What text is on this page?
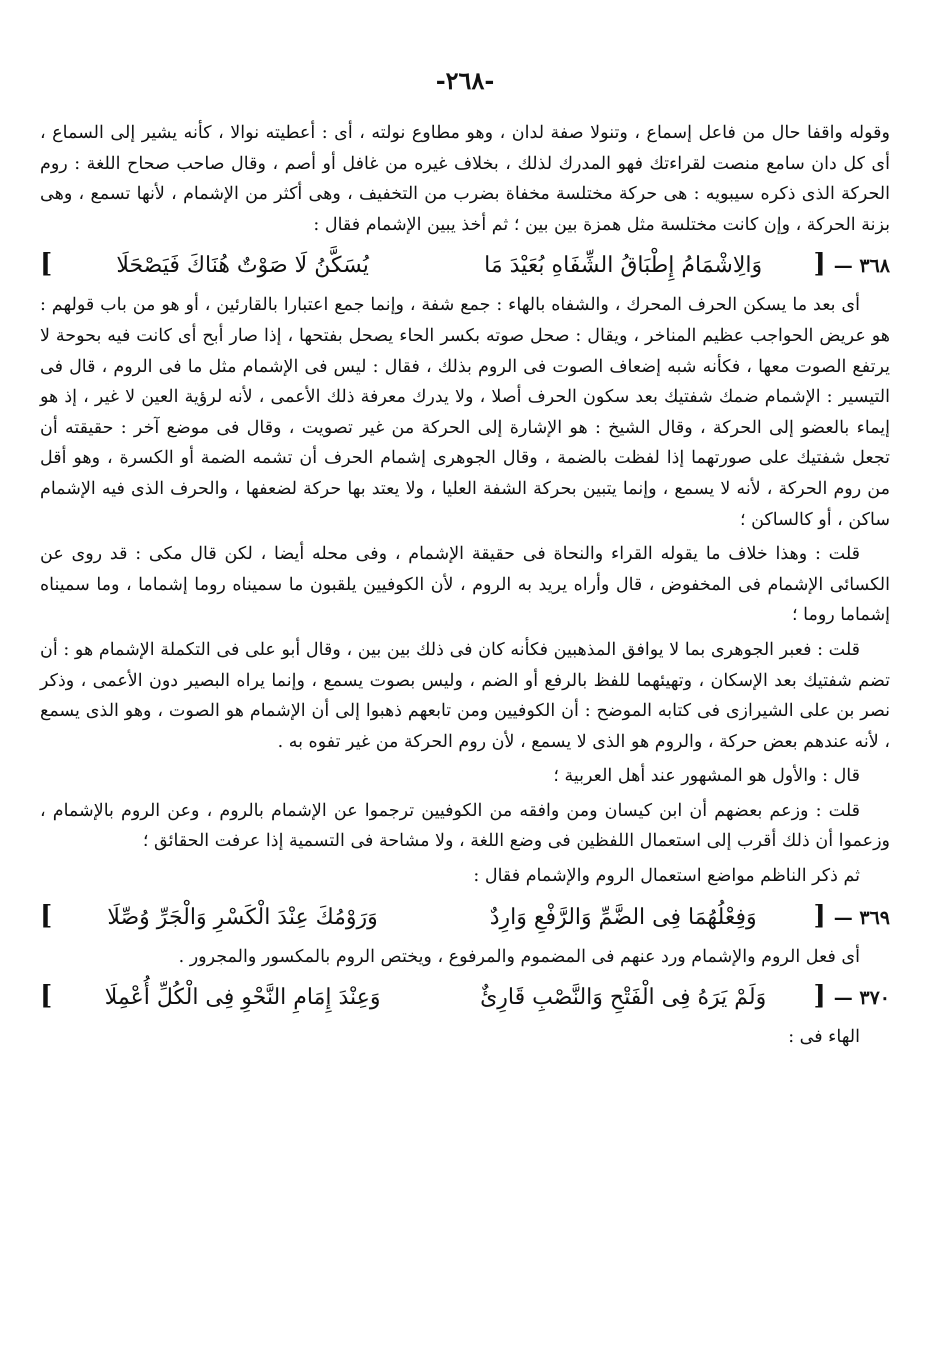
-٢٦٨-

وقوله واقفا حال من فاعل إسماع ، وتنولا صفة لدان ، وهو مطاوع نولته ، أى : أعطيته نوالا ، كأنه يشير إلى السماع ، أى كل دان سامع منصت لقراءتك فهو المدرك لذلك ، بخلاف غيره من غافل أو أصم ، وقال صاحب صحاح اللغة : روم الحركة الذى ذكره سيبويه : هى حركة مختلسة مخفاة بضرب من التخفيف ، وهى أكثر من الإشمام ، لأنها تسمع ، وهى بزنة الحركة ، وإن كانت مختلسة مثل همزة بين بين ؛ ثم أخذ يبين الإشمام فقال :

٣٦٨ —
[
وَالِاشْمَامُ إِطْبَاقُ الشِّفَاهِ بُعَيْدَ مَا
يُسَكَّنُ لَا صَوْتٌ هُنَاكَ فَيَصْحَلَا
]

أى بعد ما يسكن الحرف المحرك ، والشفاه بالهاء : جمع شفة ، وإنما جمع اعتبارا بالقارئين ، أو هو من باب قولهم : هو عريض الحواجب عظيم المناخر ، ويقال : صحل صوته بكسر الحاء يصحل بفتحها ، إذا صار أبح أى كانت فيه بحوحة لا يرتفع الصوت معها ، فكأنه شبه إضعاف الصوت فى الروم بذلك ، فقال : ليس فى الإشمام مثل ما فى الروم ، قال فى التيسير : الإشمام ضمك شفتيك بعد سكون الحرف أصلا ، ولا يدرك معرفة ذلك الأعمى ، لأنه لرؤية العين لا غير ، إذ هو إيماء بالعضو إلى الحركة ، وقال الشيخ : هو الإشارة إلى الحركة من غير تصويت ، وقال فى موضع آخر : حقيقته أن تجعل شفتيك على صورتهما إذا لفظت بالضمة ، وقال الجوهرى إشمام الحرف أن تشمه الضمة أو الكسرة ، وهو أقل من روم الحركة ، لأنه لا يسمع ، وإنما يتبين بحركة الشفة العليا ، ولا يعتد بها حركة لضعفها ، والحرف الذى فيه الإشمام ساكن ، أو كالساكن ؛

قلت : وهذا خلاف ما يقوله القراء والنحاة فى حقيقة الإشمام ، وفى محله أيضا ، لكن قال مكى : قد روى عن الكسائى الإشمام فى المخفوض ، قال وأراه يريد به الروم ، لأن الكوفيين يلقبون ما سميناه روما إشماما ، وما سميناه إشماما روما ؛

قلت : فعبر الجوهرى بما لا يوافق المذهبين فكأنه كان فى ذلك بين بين ، وقال أبو على فى التكملة الإشمام هو : أن تضم شفتيك بعد الإسكان ، وتهيئهما للفظ بالرفع أو الضم ، وليس بصوت يسمع ، وإنما يراه البصير دون الأعمى ، وذكر نصر بن على الشيرازى فى كتابه الموضح : أن الكوفيين ومن تابعهم ذهبوا إلى أن الإشمام هو الصوت ، وهو الذى يسمع ، لأنه عندهم بعض حركة ، والروم هو الذى لا يسمع ، لأن روم الحركة من غير تفوه به .

قال : والأول هو المشهور عند أهل العربية ؛

قلت : وزعم بعضهم أن ابن كيسان ومن وافقه من الكوفيين ترجموا عن الإشمام بالروم ، وعن الروم بالإشمام ، وزعموا أن ذلك أقرب إلى استعمال اللفظين فى وضع اللغة ، ولا مشاحة فى التسمية إذا عرفت الحقائق ؛

ثم ذكر الناظم مواضع استعمال الروم والإشمام فقال :

٣٦٩ —
[
وَفِعْلُهُمَا فِى الضَّمِّ وَالرَّفْعِ وَارِدٌ
وَرَوْمُكَ عِنْدَ الْكَسْرِ وَالْجَرِّ وُصِّلَا
]

أى فعل الروم والإشمام ورد عنهم فى المضموم والمرفوع ، ويختص الروم بالمكسور والمجرور .

٣٧٠ —
[
وَلَمْ يَرَهُ فِى الْفَتْحِ وَالنَّصْبِ قَارِئٌ
وَعِنْدَ إِمَامِ النَّحْوِ فِى الْكُلِّ أُعْمِلَا
]

الهاء فى :
